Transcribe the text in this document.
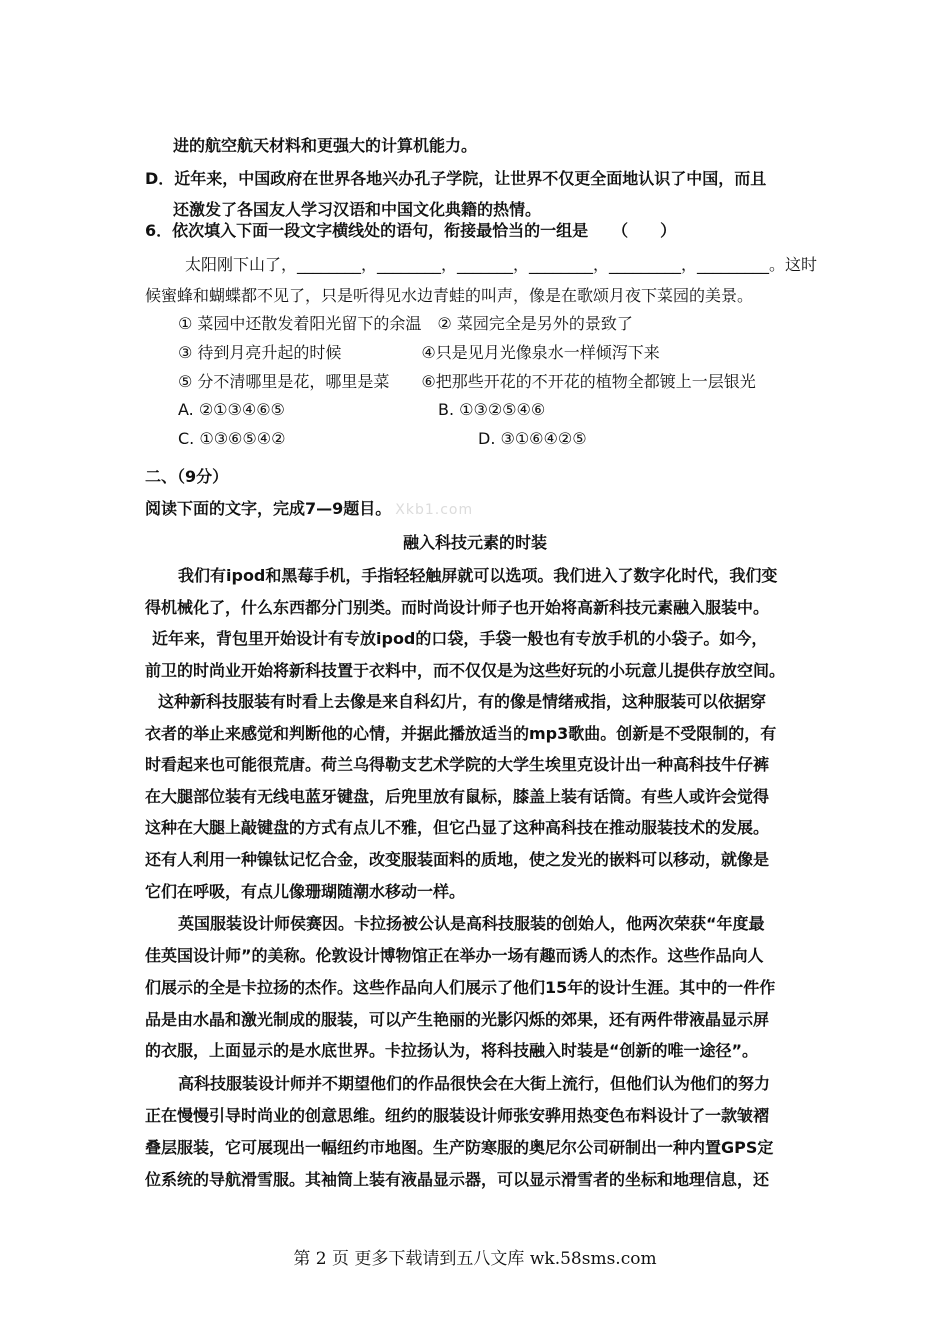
进的航空航天材料和更强大的计算机能力。
D．近年来，中国政府在世界各地兴办孔子学院，让世界不仅更全面地认识了中国，而且
还激发了各国友人学习汉语和中国文化典籍的热情。
6．依次填入下面一段文字横线处的语句，衔接最恰当的一组是　　（　　）
太阳刚下山了，________，________，_______，________，_________，_________。这时
候蜜蜂和蝴蝶都不见了，只是听得见水边青蛙的叫声，像是在歌颂月夜下菜园的美景。
① 菜园中还散发着阳光留下的余温　② 菜园完全是另外的景致了
③ 待到月亮升起的时候　　　　　④只是见月光像泉水一样倾泻下来
⑤ 分不清哪里是花，哪里是菜　　⑥把那些开花的不开花的植物全都镀上一层银光
A. ②①③④⑥⑤	B. ①③②⑤④⑥
C. ①③⑥⑤④②	D. ③①⑥④②⑤
二、（9分）
阅读下面的文字，完成7—9题目。 Xkb1.com
融入科技元素的时装
我们有ipod和黑莓手机，手指轻轻触屏就可以选项。我们进入了数字化时代，我们变
得机械化了，什么东西都分门别类。而时尚设计师子也开始将高新科技元素融入服装中。
近年来，背包里开始设计有专放ipod的口袋，手袋一般也有专放手机的小袋子。如今，
前卫的时尚业开始将新科技置于衣料中，而不仅仅是为这些好玩的小玩意儿提供存放空间。
这种新科技服装有时看上去像是来自科幻片，有的像是情绪戒指，这种服装可以依据穿
衣者的举止来感觉和判断他的心情，并据此播放适当的mp3歌曲。创新是不受限制的，有
时看起来也可能很荒唐。荷兰乌得勒支艺术学院的大学生埃里克设计出一种高科技牛仔裤
在大腿部位装有无线电蓝牙键盘，后兜里放有鼠标，膝盖上装有话筒。有些人或许会觉得
这种在大腿上敲键盘的方式有点儿不雅，但它凸显了这种高科技在推动服装技术的发展。
还有人利用一种镍钛记忆合金，改变服装面料的质地，使之发光的嵌料可以移动，就像是
它们在呼吸，有点儿像珊瑚随潮水移动一样。
英国服装设计师侯赛因。卡拉扬被公认是高科技服装的创始人，他两次荣获“年度最
佳英国设计师”的美称。伦敦设计博物馆正在举办一场有趣而诱人的杰作。这些作品向人
们展示的全是卡拉扬的杰作。这些作品向人们展示了他们15年的设计生涯。其中的一件作
品是由水晶和激光制成的服装，可以产生艳丽的光影闪烁的郊果，还有两件带液晶显示屏
的衣服，上面显示的是水底世界。卡拉扬认为，将科技融入时装是“创新的唯一途径”。
高科技服装设计师并不期望他们的作品很快会在大街上流行，但他们认为他们的努力
正在慢慢引导时尚业的创意思维。纽约的服装设计师张安骅用热变色布料设计了一款皱褶
叠层服装，它可展现出一幅纽约市地图。生产防寒服的奥尼尔公司研制出一种内置GPS定
位系统的导航滑雪服。其袖筒上装有液晶显示器，可以显示滑雪者的坐标和地理信息，还
第 2 页 更多下载请到五八文库 wk.58sms.com
